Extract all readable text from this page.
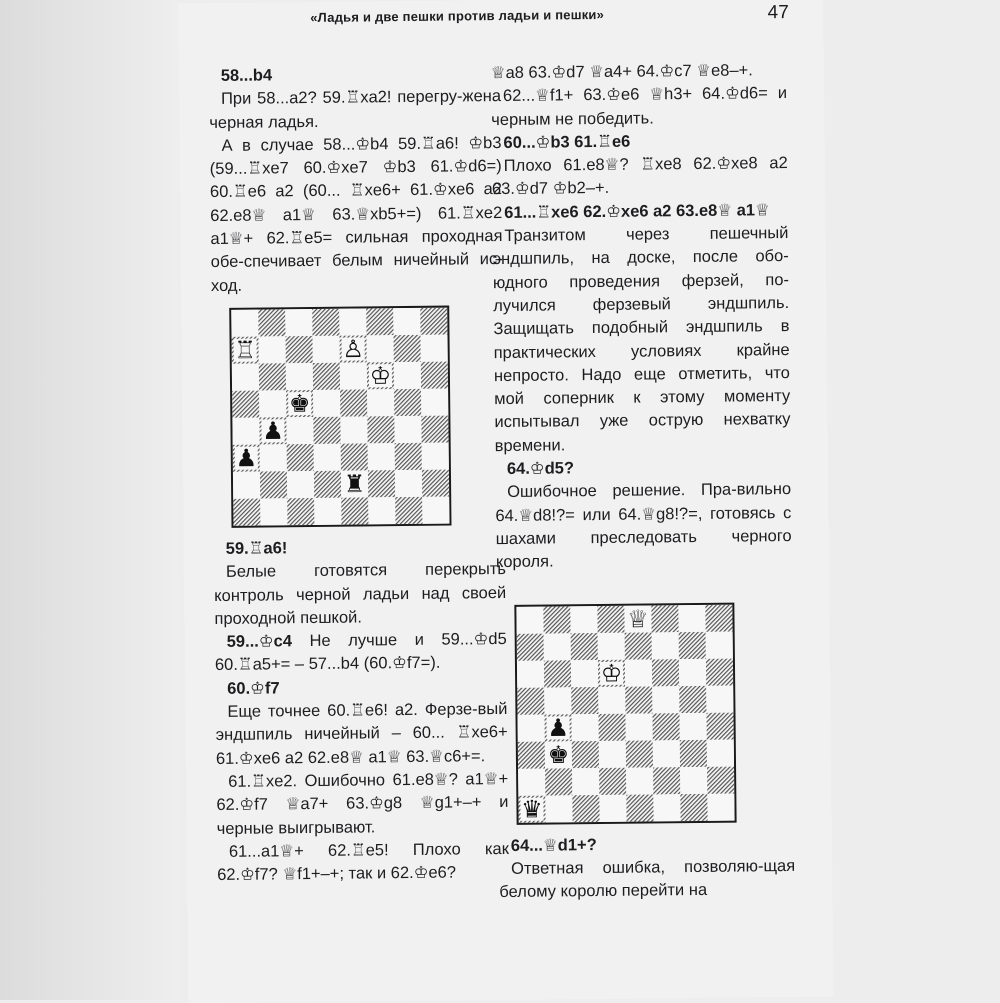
«Ладья и две пешки против ладьи и пешки»	47

58...b4

При 58...a2? 59.♖xa2! перегру-жена черная ладья.

А в случае 58...♔b4 59.♖a6! ♔b3 (59...♖xe7 60.♔xe7 ♔b3 61.♔d6=) 60.♖e6 a2 (60... ♖xe6+ 61.♔xe6 a2 62.e8♕ a1♕ 63.♕xb5+=) 61.♖xe2 a1♕+ 62.♖e5= сильная проходная обе-спечивает белым ничейный ис-ход.

♖	♙
♔
♚
♟
♟
♜

59.♖a6!

Белые готовятся перекрыть контроль черной ладьи над своей проходной пешкой.

59...♔c4 Не лучше и 59...♔d5 60.♖a5+= – 57...b4 (60.♔f7=).

60.♔f7

Еще точнее 60.♖e6! a2. Ферзе-вый эндшпиль ничейный – 60... ♖xe6+ 61.♔xe6 a2 62.e8♕ a1♕ 63.♕c6+=.

61.♖xe2. Ошибочно 61.e8♕? a1♕+ 62.♔f7 ♕a7+ 63.♔g8 ♕g1+–+ и черные выигрывают.

61...a1♕+ 62.♖e5! Плохо как 62.♔f7? ♕f1+–+; так и 62.♔e6?

♕a8 63.♔d7 ♕a4+ 64.♔c7 ♕e8–+.

62...♕f1+ 63.♔e6 ♕h3+ 64.♔d6= и черным не победить.

60...♔b3 61.♖e6

Плохо 61.e8♕? ♖xe8 62.♔xe8 a2 63.♔d7 ♔b2–+.

61...♖xe6 62.♔xe6 a2 63.e8♕ a1♕

Транзитом через пешечный эндшпиль, на доске, после обо-юдного проведения ферзей, по-лучился ферзевый эндшпиль. Защищать подобный эндшпиль в практических условиях крайне непросто. Надо еще отметить, что мой соперник к этому моменту испытывал уже острую нехватку времени.

64.♔d5?

Ошибочное решение. Пра-вильно 64.♕d8!?= или 64.♕g8!?=, готовясь с шахами преследовать черного короля.

♕
♔
♟
♚
♛

64...♕d1+?

Ответная ошибка, позволяю-щая белому королю перейти на
